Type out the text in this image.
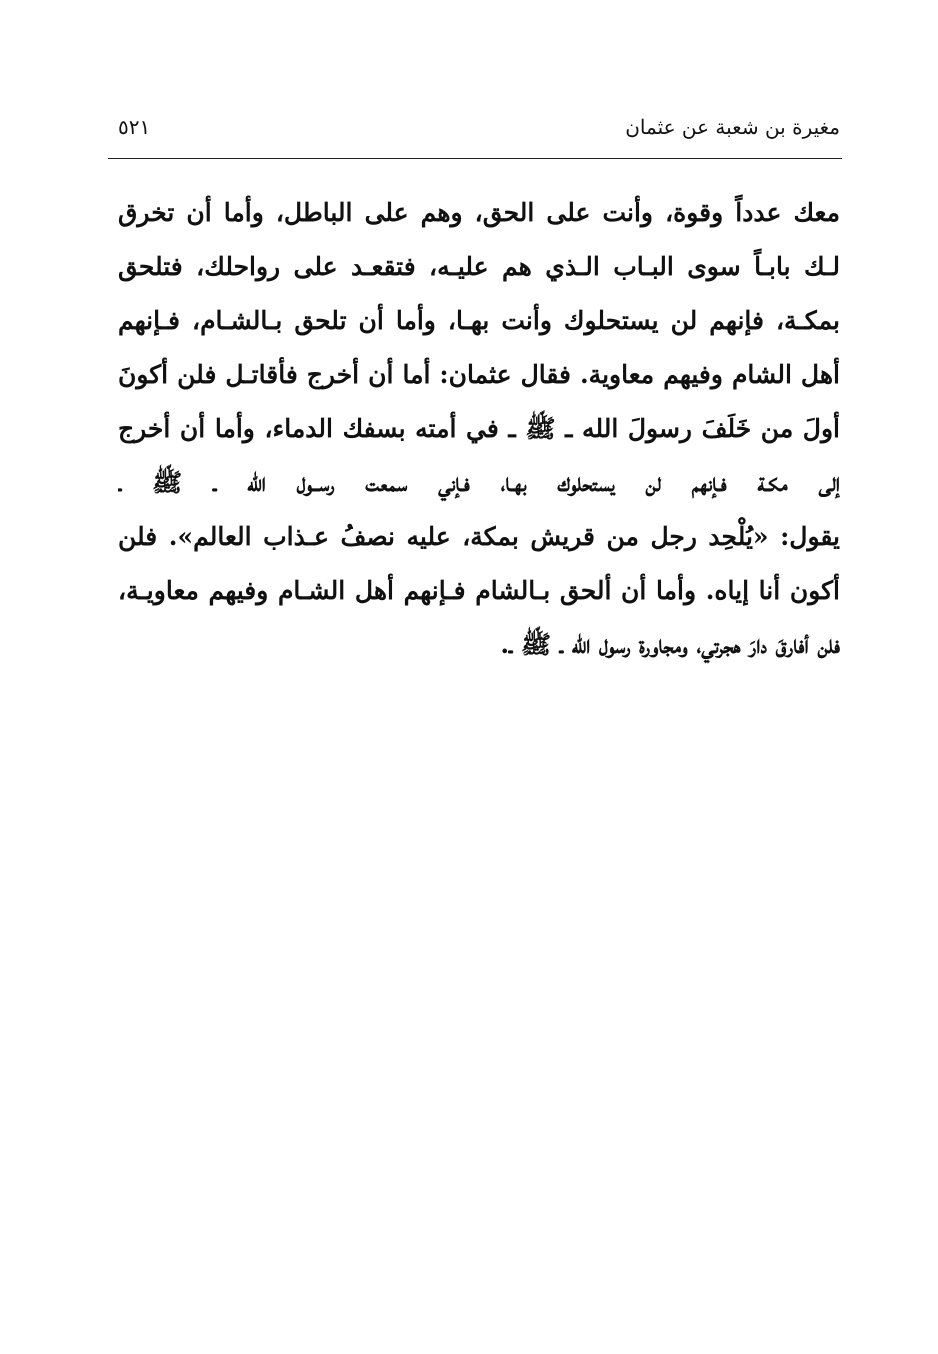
مغيرة بن شعبة عن عثمان
٥٢١
معك عدداً وقوة، وأنت على الحق، وهم على الباطل، وأما أن تخرق
لـك بابـاً سوى البـاب الـذي هم عليـه، فتقعـد على رواحلك، فتلحق
بمكـة، فإنهم لن يستحلوك وأنت بهـا، وأما أن تلحق بـالشـام، فـإنهم
أهل الشام وفيهم معاوية. فقال عثمان: أما أن أخرج فأقاتـل فلن أكونَ
أولَ من خَلَفَ رسولَ الله ـ ﷺ ـ في أمته بسفك الدماء، وأما أن أخرج
إلى مكـة فـإنهم لن يستحلوك بهـا، فـإني سمعت رســول الله ـ ﷺ ـ
يقول: «يُلْحِد رجل من قريش بمكة، عليه نصفُ عـذاب العالم». فلن
أكون أنا إياه. وأما أن ألحق بـالشام فـإنهم أهل الشـام وفيهم معاويـة،
فلن أفارقَ دارَ هجرتي، ومجاورة رسول الله ـ ﷺ ـ.
